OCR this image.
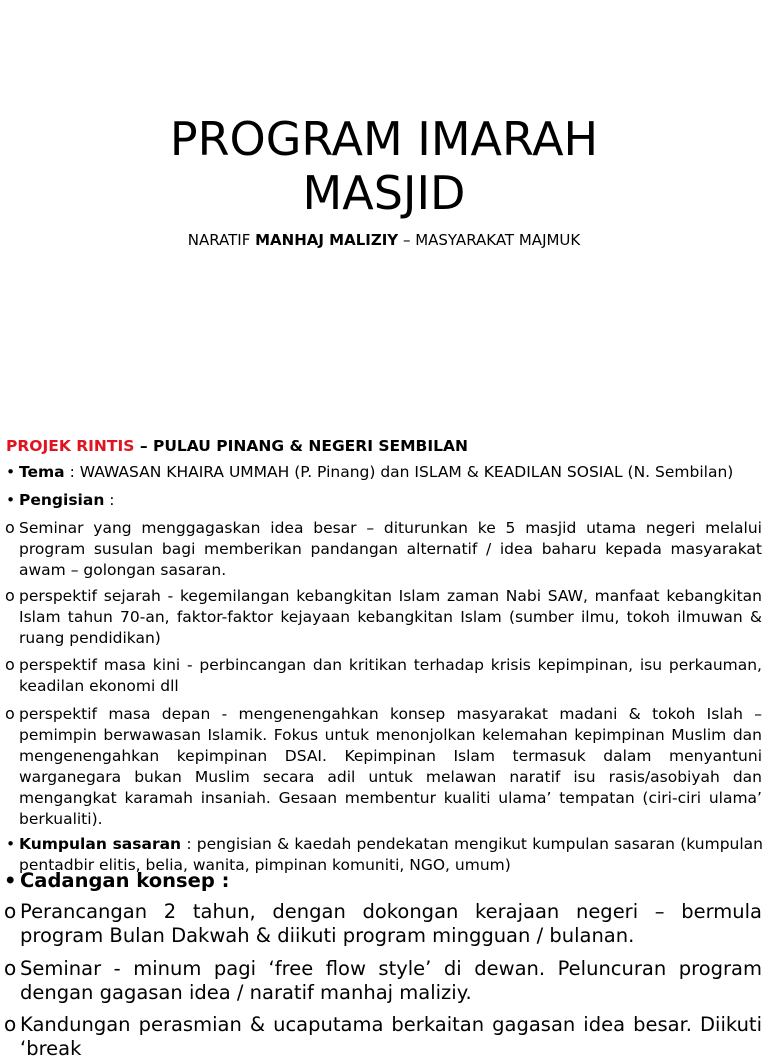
PROGRAM IMARAH
MASJID
NARATIF MANHAJ MALIZIY – MASYARAKAT MAJMUK
PROJEK RINTIS – PULAU PINANG & NEGERI SEMBILAN
• Tema : WAWASAN KHAIRA UMMAH (P. Pinang) dan ISLAM & KEADILAN SOSIAL (N. Sembilan)
• Pengisian :
o Seminar yang menggagaskan idea besar – diturunkan ke 5 masjid utama negeri melalui program susulan bagi memberikan pandangan alternatif / idea baharu kepada masyarakat awam – golongan sasaran.
o perspektif sejarah - kegemilangan kebangkitan Islam zaman Nabi SAW, manfaat kebangkitan Islam tahun 70-an, faktor-faktor kejayaan kebangkitan Islam (sumber ilmu, tokoh ilmuwan & ruang pendidikan)
o perspektif masa kini - perbincangan dan kritikan terhadap krisis kepimpinan, isu perkauman, keadilan ekonomi dll
o perspektif masa depan - mengenengahkan konsep masyarakat madani & tokoh Islah – pemimpin berwawasan Islamik. Fokus untuk menonjolkan kelemahan kepimpinan Muslim dan mengenengahkan kepimpinan DSAI. Kepimpinan Islam termasuk dalam menyantuni warganegara bukan Muslim secara adil untuk melawan naratif isu rasis/asobiyah dan mengangkat karamah insaniah. Gesaan membentur kualiti ulama’ tempatan (ciri-ciri ulama’ berkualiti).
• Kumpulan sasaran : pengisian & kaedah pendekatan mengikut kumpulan sasaran (kumpulan pentadbir elitis, belia, wanita, pimpinan komuniti, NGO, umum)
• Cadangan konsep :
o Perancangan 2 tahun, dengan dokongan kerajaan negeri – bermula program Bulan Dakwah & diikuti program mingguan / bulanan.
o Seminar - minum pagi ‘free flow style’ di dewan. Peluncuran program dengan gagasan idea / naratif manhaj maliziy.
o Kandungan perasmian & ucaputama berkaitan gagasan idea besar. Diikuti ‘break
